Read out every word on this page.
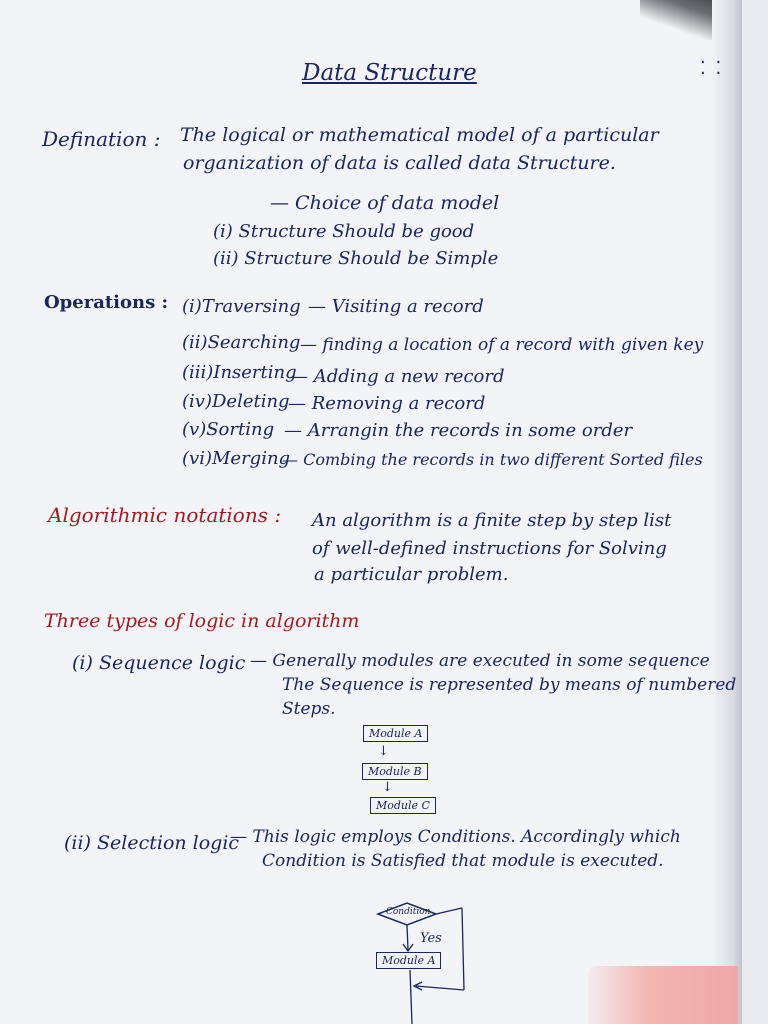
⁚ ⁚
Data Structure
Defination : The logical or mathematical model of a particular
organization of data is called data Structure.
— Choice of data model
(i) Structure Should be good
(ii) Structure Should be Simple
Operations : (i)Traversing — Visiting a record
(ii)Searching — finding a location of a record with given key
(iii)Inserting
— Adding a new record
(iv)Deleting
— Removing a record
(v)Sorting — Arrangin the records in some order
(vi)Merging
— Combing the records in two different Sorted files
Algorithmic notations : An algorithm is a finite step by step list
of well-defined instructions for Solving
a particular problem.
Three types of logic in algorithm
(i) Sequence logic — Generally modules are executed in some sequence
The Sequence is represented by means of numbered
Steps.
Module A
↓
Module B
↓
Module C
(ii) Selection logic
— This logic employs Conditions. Accordingly which
Condition is Satisfied that module is executed.
Condition
Yes
Module A
